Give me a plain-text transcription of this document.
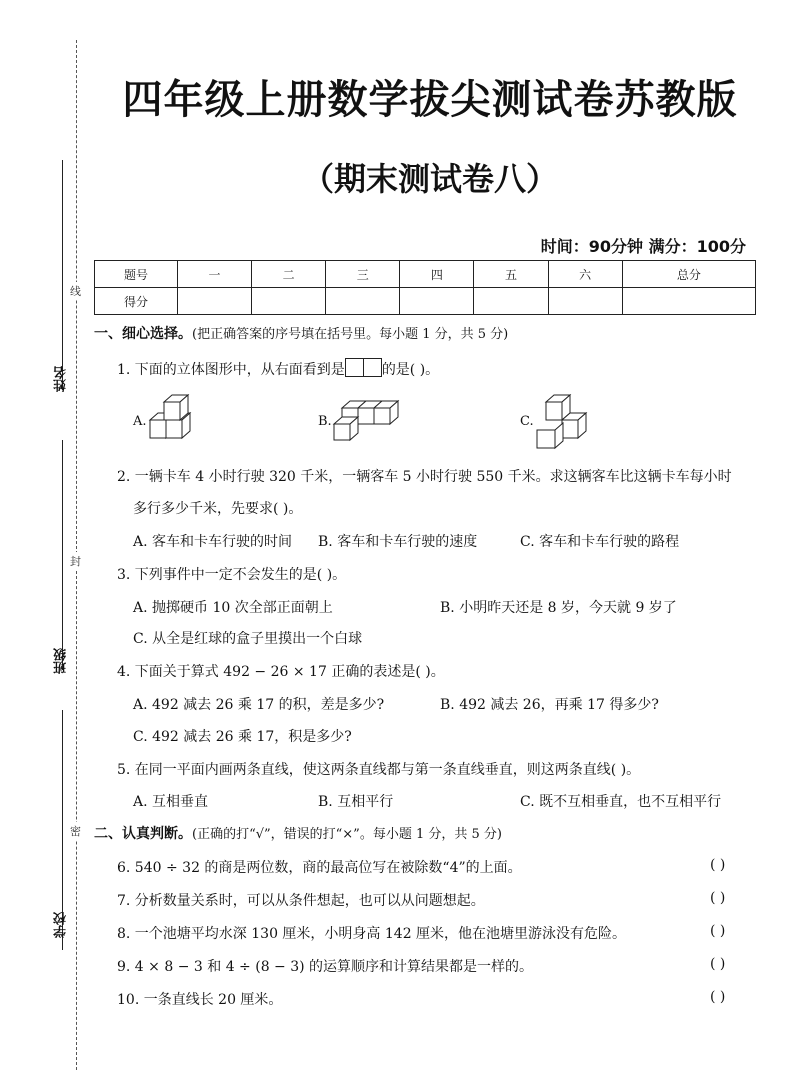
线
封
密
姓名
班级
学校
四年级上册数学拔尖测试卷苏教版
（期末测试卷八）
时间：90分钟 满分：100分
题号	一	二	三	四	五	六	总分
得分							
一、细心选择。(把正确答案的序号填在括号里。每小题 1 分，共 5 分)
1. 下面的立体图形中，从右面看到是	的是( )。
A.	B.	C.
2. 一辆卡车 4 小时行驶 320 千米，一辆客车 5 小时行驶 550 千米。求这辆客车比这辆卡车每小时
多行多少千米，先要求( )。
A. 客车和卡车行驶的时间 B. 客车和卡车行驶的速度	C. 客车和卡车行驶的路程
3. 下列事件中一定不会发生的是( )。
A. 抛掷硬币 10 次全部正面朝上	B. 小明昨天还是 8 岁，今天就 9 岁了
C. 从全是红球的盒子里摸出一个白球
4. 下面关于算式 492 − 26 × 17 正确的表述是( )。
A. 492 减去 26 乘 17 的积，差是多少?	B. 492 减去 26，再乘 17 得多少?
C. 492 减去 26 乘 17，积是多少?
5. 在同一平面内画两条直线，使这两条直线都与第一条直线垂直，则这两条直线( )。
A. 互相垂直	B. 互相平行	C. 既不互相垂直，也不互相平行
二、认真判断。(正确的打“√”，错误的打“×”。每小题 1 分，共 5 分)
6. 540 ÷ 32 的商是两位数，商的最高位写在被除数“4”的上面。	( )
7. 分析数量关系时，可以从条件想起，也可以从问题想起。	( )
8. 一个池塘平均水深 130 厘米，小明身高 142 厘米，他在池塘里游泳没有危险。	( )
9. 4 × 8 − 3 和 4 ÷ (8 − 3) 的运算顺序和计算结果都是一样的。	( )
10. 一条直线长 20 厘米。	( )
